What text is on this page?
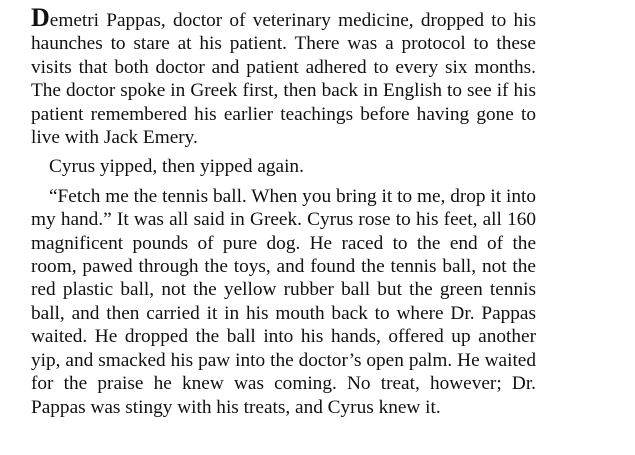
Demetri Pappas, doctor of veterinary medicine, dropped to his haunches to stare at his patient. There was a protocol to these visits that both doctor and patient adhered to every six months. The doctor spoke in Greek first, then back in English to see if his patient remembered his earlier teachings before having gone to live with Jack Emery.

Cyrus yipped, then yipped again.

“Fetch me the tennis ball. When you bring it to me, drop it into my hand.” It was all said in Greek. Cyrus rose to his feet, all 160 magnificent pounds of pure dog. He raced to the end of the room, pawed through the toys, and found the tennis ball, not the red plastic ball, not the yellow rubber ball but the green tennis ball, and then carried it in his mouth back to where Dr. Pappas waited. He dropped the ball into his hands, offered up another yip, and smacked his paw into the doctor’s open palm. He waited for the praise he knew was coming. No treat, however; Dr. Pappas was stingy with his treats, and Cyrus knew it.
